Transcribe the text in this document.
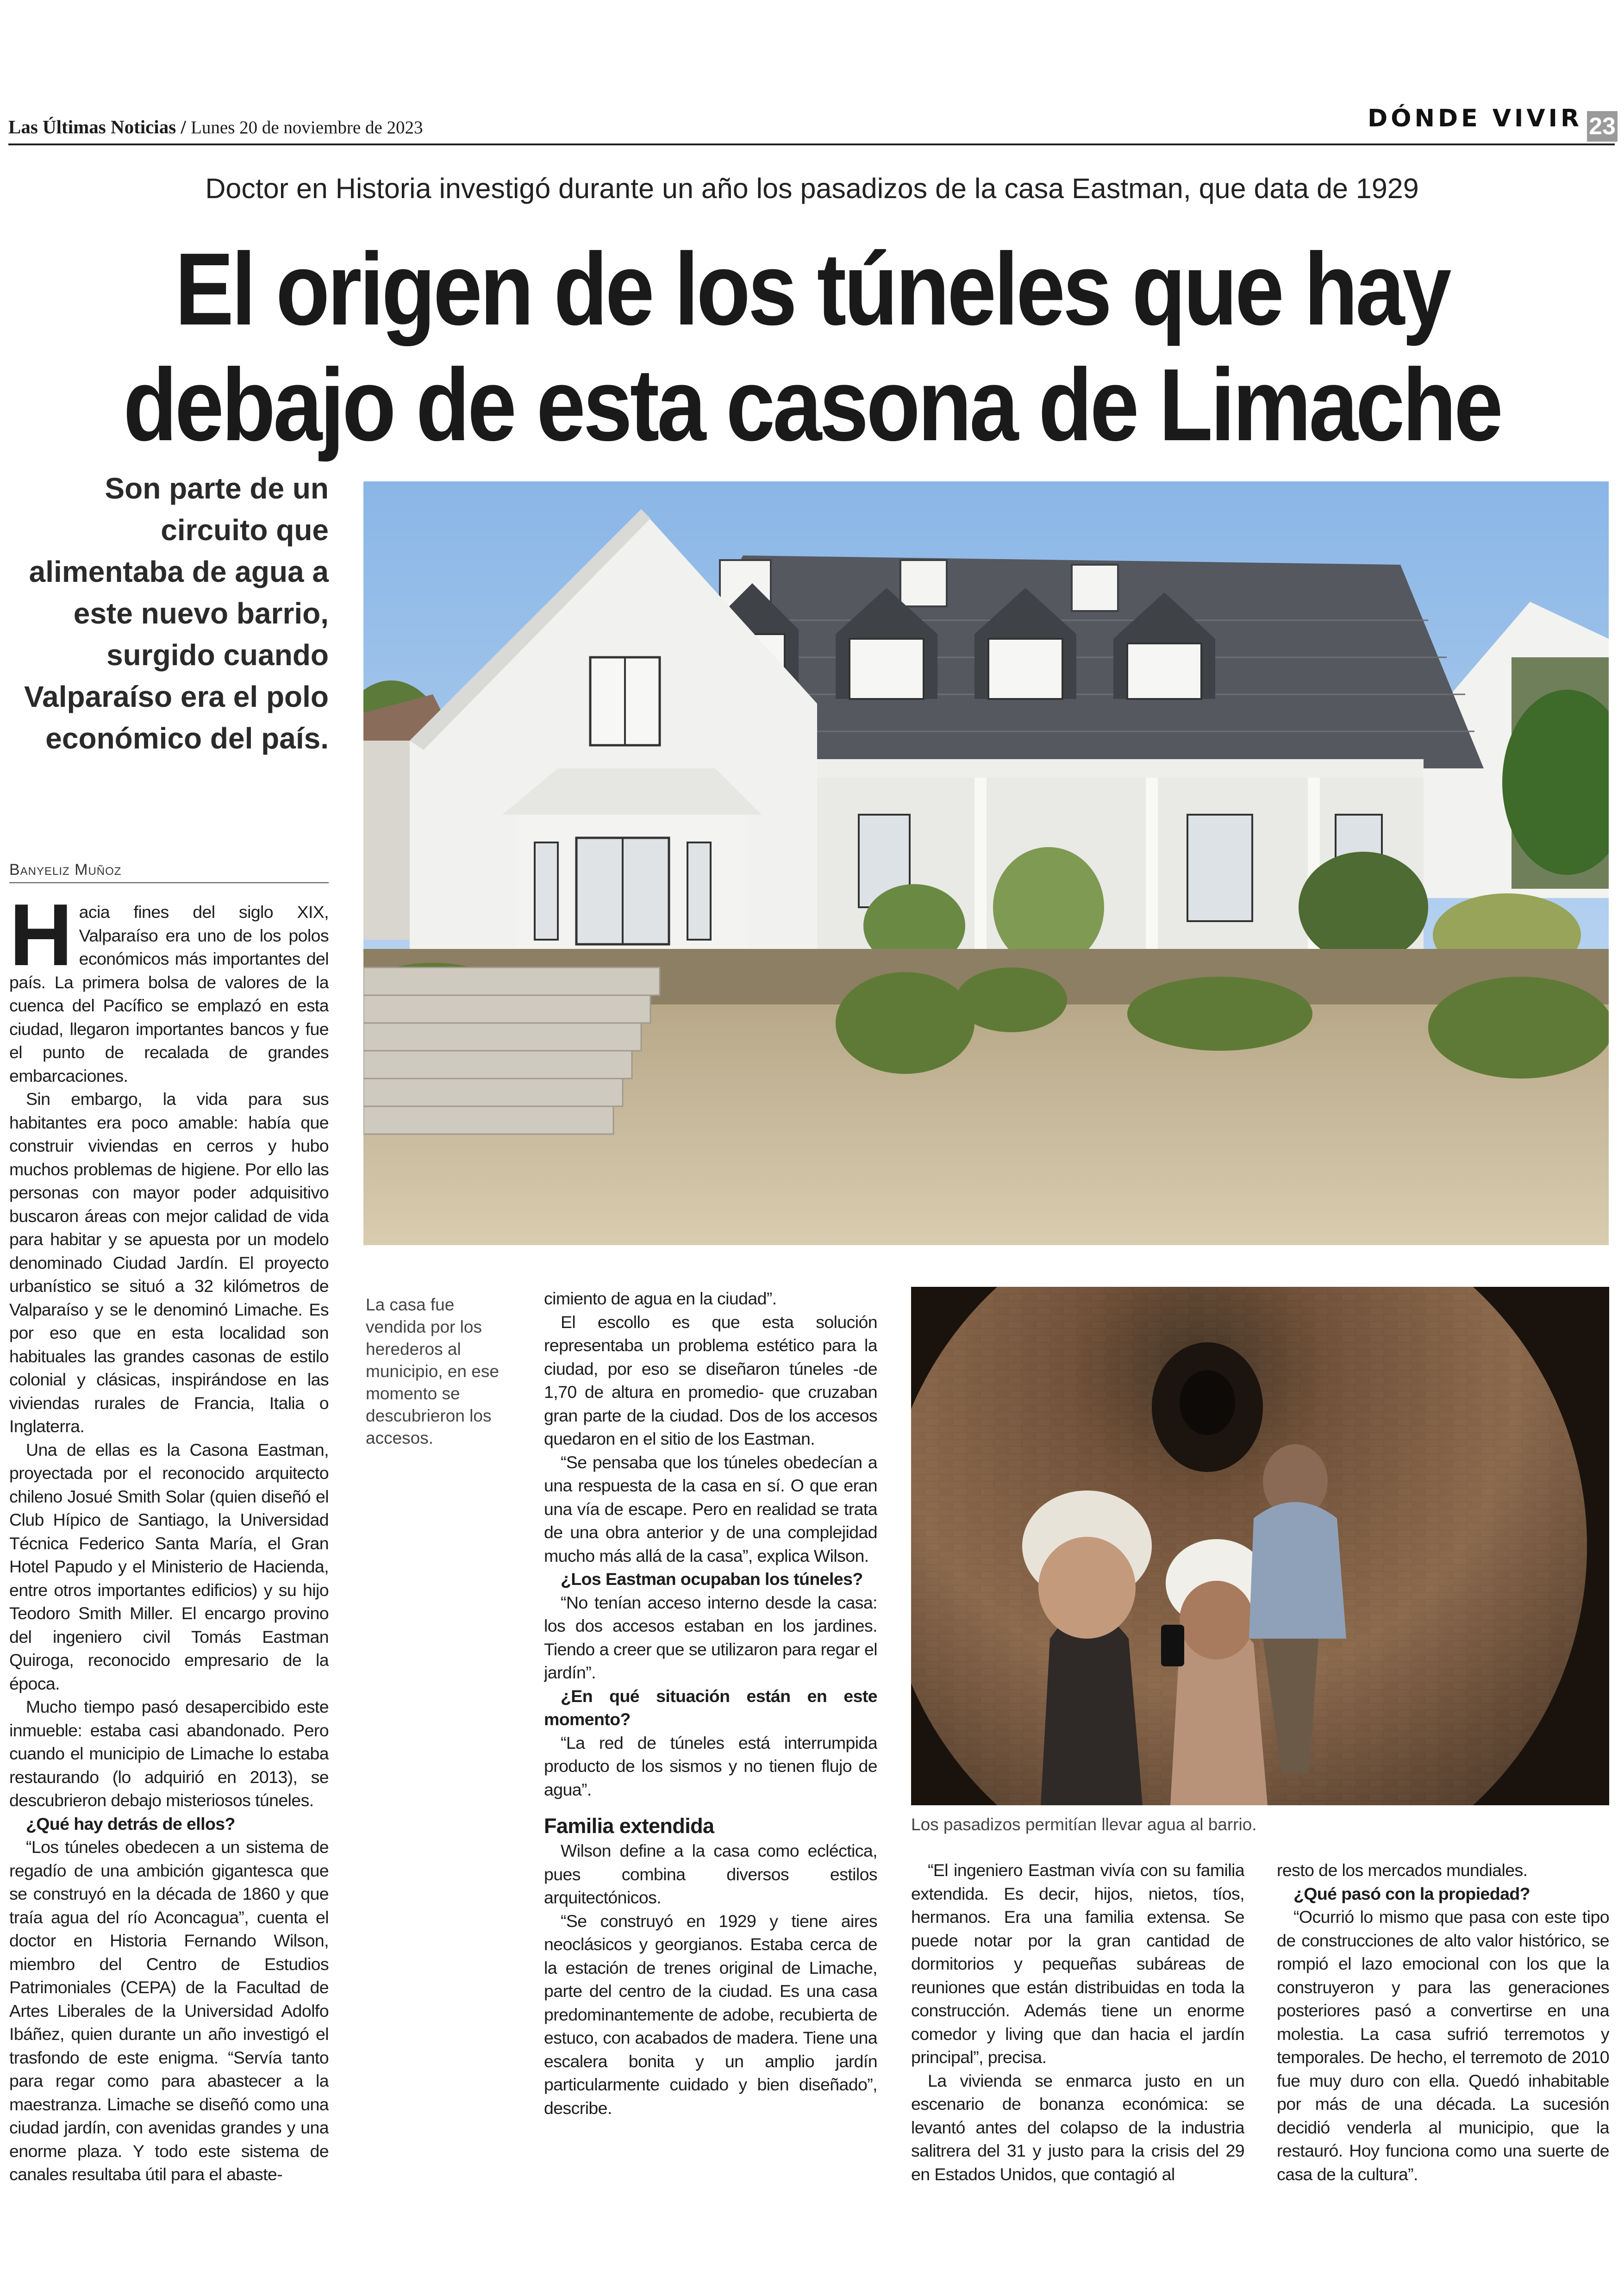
Las Últimas Noticias / Lunes 20 de noviembre de 2023	DÓNDE VIVIR 23
Doctor en Historia investigó durante un año los pasadizos de la casa Eastman, que data de 1929
El origen de los túneles que hay
debajo de esta casona de Limache
Son parte de un circuito que alimentaba de agua a este nuevo barrio, surgido cuando Valparaíso era el polo económico del país.
La casa fue vendida por los herederos al municipio, en ese momento se descubrieron los accesos.
Los pasadizos permitían llevar agua al barrio.
Banyeliz Muñoz

Hacia fines del siglo XIX, Valparaíso era uno de los polos económicos más importantes del país. La primera bolsa de valores de la cuenca del Pacífico se emplazó en esta ciudad, llegaron importantes bancos y fue el punto de recalada de grandes embarcaciones.

Sin embargo, la vida para sus habitantes era poco amable: había que construir viviendas en cerros y hubo muchos problemas de higiene. Por ello las personas con mayor poder adquisitivo buscaron áreas con mejor calidad de vida para habitar y se apuesta por un modelo denominado Ciudad Jardín. El proyecto urbanístico se situó a 32 kilómetros de Valparaíso y se le denominó Limache. Es por eso que en esta localidad son habituales las grandes casonas de estilo colonial y clásicas, inspirándose en las viviendas rurales de Francia, Italia o Inglaterra.

Una de ellas es la Casona Eastman, proyectada por el reconocido arquitecto chileno Josué Smith Solar (quien diseñó el Club Hípico de Santiago, la Universidad Técnica Federico Santa María, el Gran Hotel Papudo y el Ministerio de Hacienda, entre otros importantes edificios) y su hijo Teodoro Smith Miller. El encargo provino del ingeniero civil Tomás Eastman Quiroga, reconocido empresario de la época.

Mucho tiempo pasó desapercibido este inmueble: estaba casi abandonado. Pero cuando el municipio de Limache lo estaba restaurando (lo adquirió en 2013), se descubrieron debajo misteriosos túneles.

¿Qué hay detrás de ellos?

“Los túneles obedecen a un sistema de regadío de una ambición gigantesca que se construyó en la década de 1860 y que traía agua del río Aconcagua”, cuenta el doctor en Historia Fernando Wilson, miembro del Centro de Estudios Patrimoniales (CEPA) de la Facultad de Artes Liberales de la Universidad Adolfo Ibáñez, quien durante un año investigó el trasfondo de este enigma. “Servía tanto para regar como para abastecer a la maestranza. Limache se diseñó como una ciudad jardín, con avenidas grandes y una enorme plaza. Y todo este sistema de canales resultaba útil para el abaste-

cimiento de agua en la ciudad”.

El escollo es que esta solución representaba un problema estético para la ciudad, por eso se diseñaron túneles -de 1,70 de altura en promedio- que cruzaban gran parte de la ciudad. Dos de los accesos quedaron en el sitio de los Eastman.

“Se pensaba que los túneles obedecían a una respuesta de la casa en sí. O que eran una vía de escape. Pero en realidad se trata de una obra anterior y de una complejidad mucho más allá de la casa”, explica Wilson.

¿Los Eastman ocupaban los túneles?

“No tenían acceso interno desde la casa: los dos accesos estaban en los jardines. Tiendo a creer que se utilizaron para regar el jardín”.

¿En qué situación están en este momento?

“La red de túneles está interrumpida producto de los sismos y no tienen flujo de agua”.

Familia extendida

Wilson define a la casa como ecléctica, pues combina diversos estilos arquitectónicos.

“Se construyó en 1929 y tiene aires neoclásicos y georgianos. Estaba cerca de la estación de trenes original de Limache, parte del centro de la ciudad. Es una casa predominantemente de adobe, recubierta de estuco, con acabados de madera. Tiene una escalera bonita y un amplio jardín particularmente cuidado y bien diseñado”, describe.

“El ingeniero Eastman vivía con su familia extendida. Es decir, hijos, nietos, tíos, hermanos. Era una familia extensa. Se puede notar por la gran cantidad de dormitorios y pequeñas subáreas de reuniones que están distribuidas en toda la construcción. Además tiene un enorme comedor y living que dan hacia el jardín principal”, precisa.

La vivienda se enmarca justo en un escenario de bonanza económica: se levantó antes del colapso de la industria salitrera del 31 y justo para la crisis del 29 en Estados Unidos, que contagió al

resto de los mercados mundiales.

¿Qué pasó con la propiedad?

“Ocurrió lo mismo que pasa con este tipo de construcciones de alto valor histórico, se rompió el lazo emocional con los que la construyeron y para las generaciones posteriores pasó a convertirse en una molestia. La casa sufrió terremotos y temporales. De hecho, el terremoto de 2010 fue muy duro con ella. Quedó inhabitable por más de una década. La sucesión decidió venderla al municipio, que la restauró. Hoy funciona como una suerte de casa de la cultura”.
